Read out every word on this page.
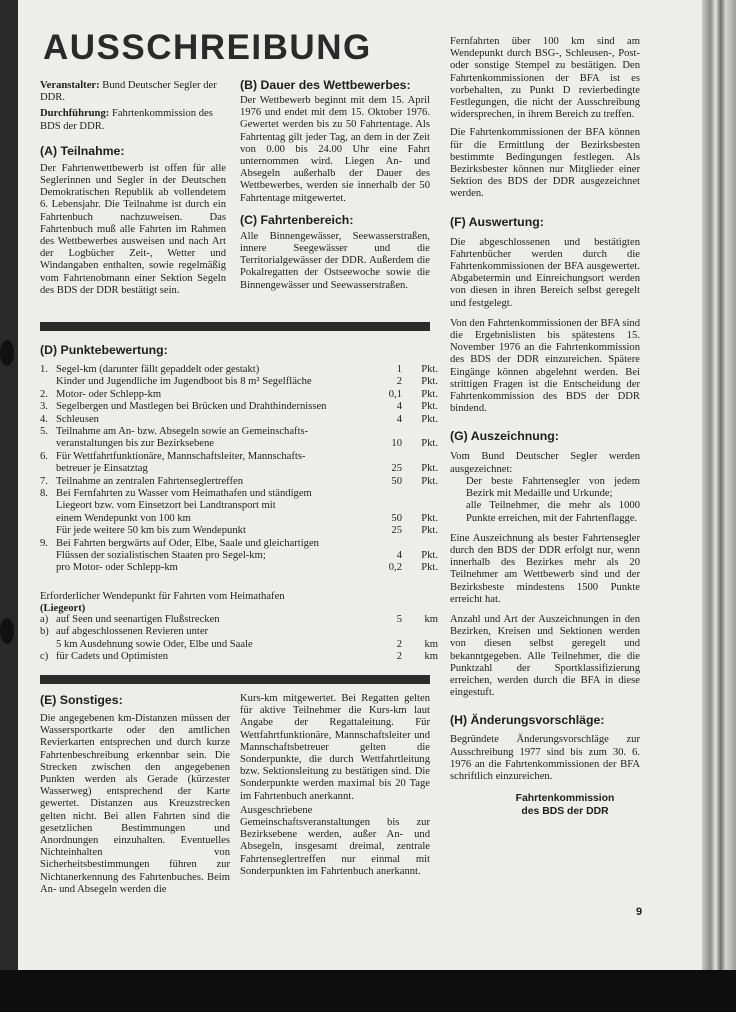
AUSSCHREIBUNG

Veranstalter: Bund Deutscher Segler der DDR.

Durchführung: Fahrtenkommission des BDS der DDR.

(A) Teilnahme:

Der Fahrtenwettbewerb ist offen für alle Seglerinnen und Segler in der Deutschen Demokratischen Republik ab vollendetem 6. Lebensjahr. Die Teilnahme ist durch ein Fahrtenbuch nachzuweisen. Das Fahrtenbuch muß alle Fahrten im Rahmen des Wettbewerbes ausweisen und nach Art der Logbücher Zeit-, Wetter und Windangaben enthalten, sowie regelmäßig vom Fahrtenobmann einer Sektion Segeln des BDS der DDR bestätigt sein.

(B) Dauer des Wettbewerbes:

Der Wettbewerb beginnt mit dem 15. April 1976 und endet mit dem 15. Oktober 1976. Gewertet werden bis zu 50 Fahrtentage. Als Fahrtentag gilt jeder Tag, an dem in der Zeit von 0.00 bis 24.00 Uhr eine Fahrt unternommen wird. Liegen An- und Absegeln außerhalb der Dauer des Wettbewerbes, werden sie innerhalb der 50 Fahrtentage mitgewertet.

(C) Fahrtenbereich:

Alle Binnengewässer, Seewasserstraßen, innere Seegewässer und die Territorialgewässer der DDR. Außerdem die Pokalregatten der Ostseewoche sowie die Binnengewässer und Seewasserstraßen.

(D) Punktebewertung:

1. Segel-km (darunter fällt gepaddelt oder gestakt)	1 Pkt.
Kinder und Jugendliche im Jugendboot bis 8 m² Segelfläche	2 Pkt.
2. Motor- oder Schlepp-km	0,1 Pkt.
3. Segelbergen und Mastlegen bei Brücken und Drahthindernissen	4 Pkt.
4. Schleusen	4 Pkt.
5. Teilnahme am An- bzw. Absegeln sowie an Gemeinschafts-
veranstaltungen bis zur Bezirksebene	10 Pkt.
6. Für Wettfahrtfunktionäre, Mannschaftsleiter, Mannschafts-
betreuer je Einsatztag	25 Pkt.
7. Teilnahme an zentralen Fahrtenseglertreffen	50 Pkt.
8. Bei Fernfahrten zu Wasser vom Heimathafen und ständigem
Liegeort bzw. vom Einsetzort bei Landtransport mit
einem Wendepunkt von 100 km	50 Pkt.
Für jede weitere 50 km bis zum Wendepunkt	25 Pkt.
9. Bei Fahrten bergwärts auf Oder, Elbe, Saale und gleichartigen
Flüssen der sozialistischen Staaten pro Segel-km;	4 Pkt.
pro Motor- oder Schlepp-km	0,2 Pkt.

Erforderlicher Wendepunkt für Fahrten vom Heimathafen
(Liegeort)

a) auf Seen und seenartigen Flußstrecken	5 km
b) auf abgeschlossenen Revieren unter
5 km Ausdehnung sowie Oder, Elbe und Saale	2 km
c) für Cadets und Optimisten	2 km

(E) Sonstiges:

Die angegebenen km-Distanzen müssen der Wassersportkarte oder den amtlichen Revierkarten entsprechen und durch kurze Fahrtenbeschreibung erkennbar sein. Die Strecken zwischen den angegebenen Punkten werden als Gerade (kürzester Wasserweg) entsprechend der Karte gewertet. Distanzen aus Kreuzstrecken gelten nicht. Bei allen Fahrten sind die gesetzlichen Bestimmungen und Anordnungen einzuhalten. Eventuelles Nichteinhalten von Sicherheitsbestimmungen führen zur Nichtanerkennung des Fahrtenbuches. Beim An- und Absegeln werden die

Kurs-km mitgewertet. Bei Regatten gelten für aktive Teilnehmer die Kurs-km laut Angabe der Regattaleitung. Für Wettfahrtfunktionäre, Mannschaftsleiter und Mannschaftsbetreuer gelten die Sonderpunkte, die durch Wettfahrtleitung bzw. Sektionsleitung zu bestätigen sind. Die Sonderpunkte werden maximal bis 20 Tage im Fahrtenbuch anerkannt.

Ausgeschriebene Gemeinschaftsveranstaltungen bis zur Bezirksebene werden, außer An- und Absegeln, insgesamt dreimal, zentrale Fahrtenseglertreffen nur einmal mit Sonderpunkten im Fahrtenbuch anerkannt.

Fernfahrten über 100 km sind am Wendepunkt durch BSG-, Schleusen-, Post- oder sonstige Stempel zu bestätigen. Den Fahrtenkommissionen der BFA ist es vorbehalten, zu Punkt D revierbedingte Festlegungen, die nicht der Ausschreibung widersprechen, in ihrem Bereich zu treffen.

Die Fahrtenkommissionen der BFA können für die Ermittlung der Bezirksbesten bestimmte Bedingungen festlegen. Als Bezirksbester können nur Mitglieder einer Sektion des BDS der DDR ausgezeichnet werden.

(F) Auswertung:

Die abgeschlossenen und bestätigten Fahrtenbücher werden durch die Fahrtenkommissionen der BFA ausgewertet. Abgabetermin und Einreichungsort werden von diesen in ihren Bereich selbst geregelt und festgelegt.

Von den Fahrtenkommissionen der BFA sind die Ergebnislisten bis spätestens 15. November 1976 an die Fahrtenkommission des BDS der DDR einzureichen. Spätere Eingänge können abgelehnt werden. Bei strittigen Fragen ist die Entscheidung der Fahrtenkommission des BDS der DDR bindend.

(G) Auszeichnung:

Vom Bund Deutscher Segler werden ausgezeichnet:

Der beste Fahrtensegler von jedem Bezirk mit Medaille und Urkunde;

alle Teilnehmer, die mehr als 1000 Punkte erreichen, mit der Fahrtenflagge.

Eine Auszeichnung als bester Fahrtensegler durch den BDS der DDR erfolgt nur, wenn innerhalb des Bezirkes mehr als 20 Teilnehmer am Wettbewerb sind und der Bezirksbeste mindestens 1500 Punkte erreicht hat.

Anzahl und Art der Auszeichnungen in den Bezirken, Kreisen und Sektionen werden von diesen selbst geregelt und bekanntgegeben. Alle Teilnehmer, die die Punktzahl der Sportklassifizierung erreichen, werden durch die BFA in diese eingestuft.

(H) Änderungsvorschläge:

Begründete Änderungsvorschläge zur Ausschreibung 1977 sind bis zum 30. 6. 1976 an die Fahrtenkommissionen der BFA schriftlich einzureichen.

Fahrtenkommission

des BDS der DDR

9
